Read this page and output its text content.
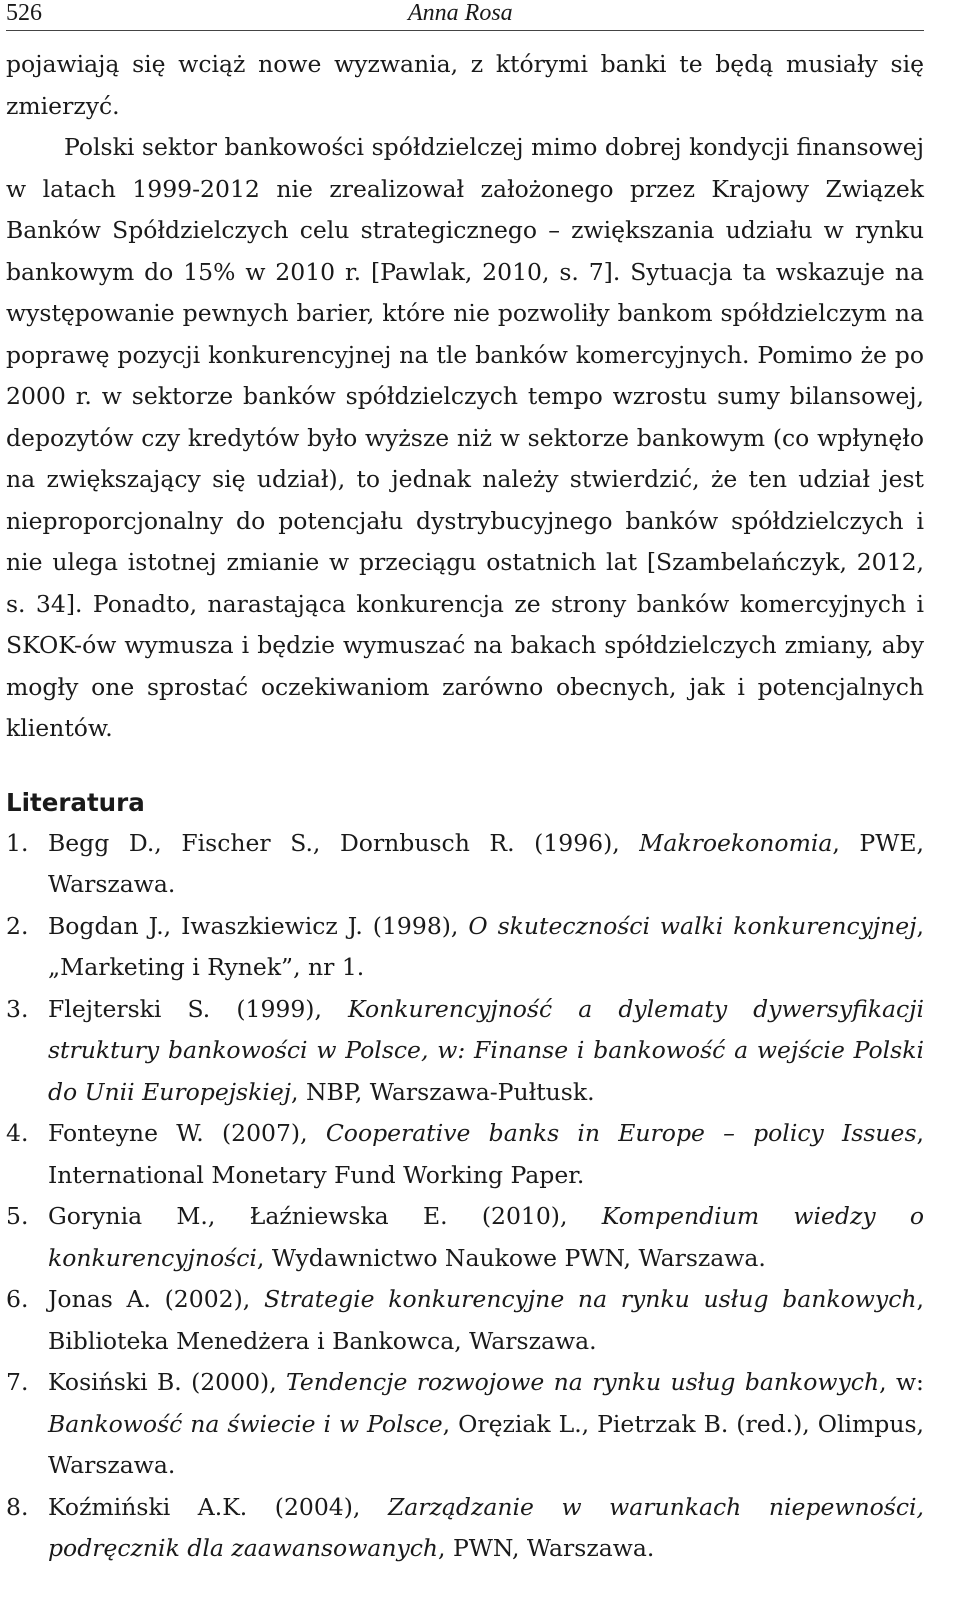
526	Anna Rosa

pojawiają się wciąż nowe wyzwania, z którymi banki te będą musiały się zmierzyć.

Polski sektor bankowości spółdzielczej mimo dobrej kondycji finansowej w latach 1999-2012 nie zrealizował założonego przez Krajowy Związek Banków Spółdzielczych celu strategicznego – zwiększania udziału w rynku bankowym do 15% w 2010 r. [Pawlak, 2010, s. 7]. Sytuacja ta wskazuje na występowanie pewnych barier, które nie pozwoliły bankom spółdzielczym na poprawę pozycji konkurencyjnej na tle banków komercyjnych. Pomimo że po 2000 r. w sektorze banków spółdzielczych tempo wzrostu sumy bilansowej, depozytów czy kredytów było wyższe niż w sektorze bankowym (co wpłynęło na zwiększający się udział), to jednak należy stwierdzić, że ten udział jest nieproporcjonalny do potencjału dystrybucyjnego banków spółdzielczych i nie ulega istotnej zmianie w przeciągu ostatnich lat [Szambelańczyk, 2012, s. 34]. Ponadto, narastająca konkurencja ze strony banków komercyjnych i SKOK-ów wymusza i będzie wymuszać na bakach spółdzielczych zmiany, aby mogły one sprostać oczekiwaniom zarówno obecnych, jak i potencjalnych klientów.

Literatura
1. Begg D., Fischer S., Dornbusch R. (1996), Makroekonomia, PWE, Warszawa.
2. Bogdan J., Iwaszkiewicz J. (1998), O skuteczności walki konkurencyjnej, „Marketing i Rynek”, nr 1.
3. Flejterski S. (1999), Konkurencyjność a dylematy dywersyfikacji struktury bankowości w Polsce, w: Finanse i bankowość a wejście Polski do Unii Europejskiej, NBP, Warszawa-Pułtusk.
4. Fonteyne W. (2007), Cooperative banks in Europe – policy Issues, International Monetary Fund Working Paper.
5. Gorynia M., Łaźniewska E. (2010), Kompendium wiedzy o konkurencyjności, Wydawnictwo Naukowe PWN, Warszawa.
6. Jonas A. (2002), Strategie konkurencyjne na rynku usług bankowych, Biblioteka Menedżera i Bankowca, Warszawa.
7. Kosiński B. (2000), Tendencje rozwojowe na rynku usług bankowych, w: Bankowość na świecie i w Polsce, Oręziak L., Pietrzak B. (red.), Olimpus, Warszawa.
8. Koźmiński A.K. (2004), Zarządzanie w warunkach niepewności, podręcznik dla zaawansowanych, PWN, Warszawa.
